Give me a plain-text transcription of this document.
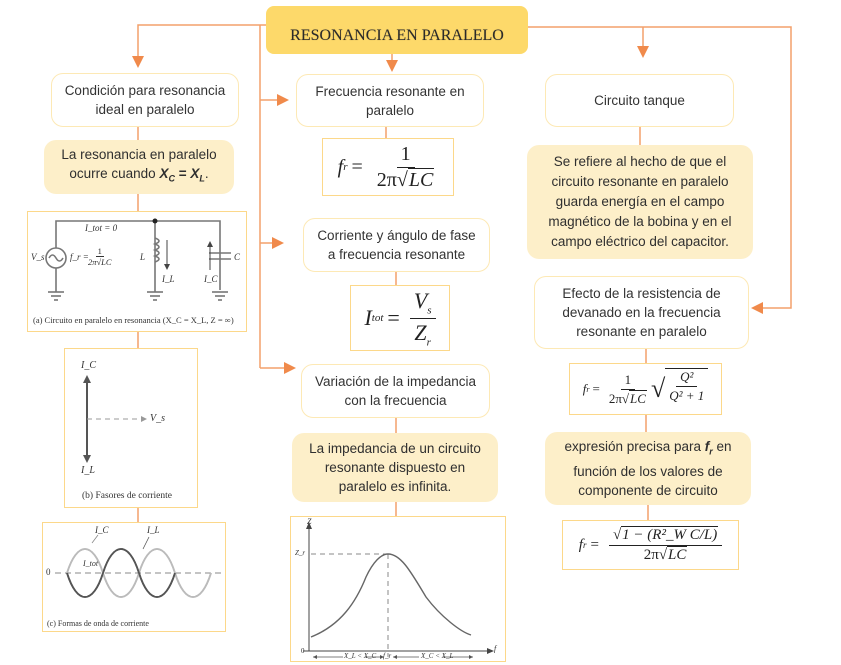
RESONANCIA EN PARALELO
Condición para resonancia ideal en paralelo
La resonancia en paralelo ocurre cuando $X_C = X_L$.
I_tot = 0
V_s	f_r =
1
2π√LC	L
I_L	I_C
C
(a) Circuito en paralelo en resonancia (X_C = X_L, Z = ∞)
I_C
I_L
V_s
(b) Fasores de corriente
I_C	I_L
I_tot
0
(c) Formas de onda de corriente
Frecuencia resonante en paralelo
f $r = \frac{1}{2\pi√LC}$
Corriente y ángulo de fase a frecuencia resonante
I tot = $\frac{V_s}{Z_r}$
Variación de la impedancia con la frecuencia
La impedancia de un circuito resonante dispuesto en paralelo es infinita.
Z
Z_r
f
0
f_r
X_L < X_C	X_C < X_L
Circuito tanque
Se refiere al hecho de que el circuito resonante en paralelo guarda energía en el campo magnético de la bobina y en el campo eléctrico del capacitor.
Efecto de la resistencia de devanado en la frecuencia resonante en paralelo
f $r = \frac{1}{2\pi√LC}$ √ $\frac{\text{Q²}}{\text{Q² + 1}}$
expresión precisa para $f_r$ en función de los valores de componente de circuito
f $r = \frac{\text{√1 − (R²\_W C/L)}}{2\pi√LC}$
